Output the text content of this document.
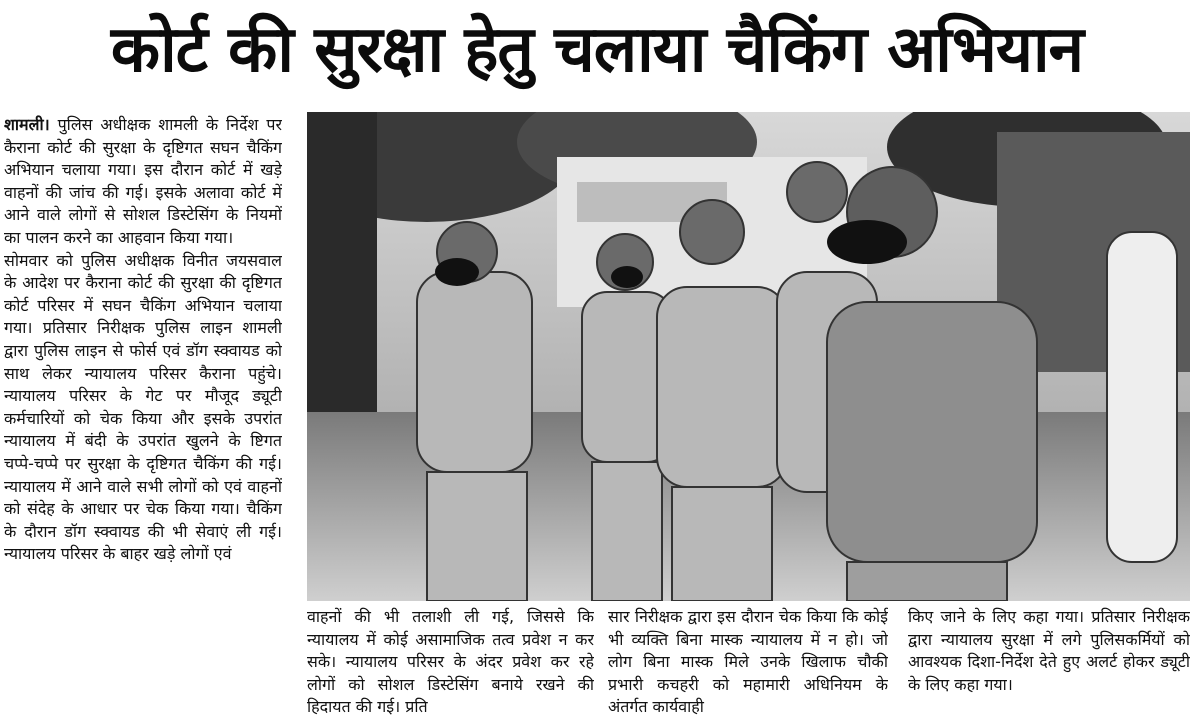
कोर्ट की सुरक्षा हेतु चलाया चैकिंग अभियान

शामली। पुलिस अधीक्षक शामली के निर्देश पर कैराना कोर्ट की सुरक्षा के दृष्टिगत सघन चैकिंग अभियान चलाया गया। इस दौरान कोर्ट में खड़े वाहनों की जांच की गई। इसके अलावा कोर्ट में आने वाले लोगों से सोशल डिस्टेसिंग के नियमों का पालन करने का आहवान किया गया।

सोमवार को पुलिस अधीक्षक विनीत जयसवाल के आदेश पर कैराना कोर्ट की सुरक्षा की दृष्टिगत कोर्ट परिसर में सघन चैकिंग अभियान चलाया गया। प्रतिसार निरीक्षक पुलिस लाइन शामली द्वारा पुलिस लाइन से फोर्स एवं डॉग स्क्वायड को साथ लेकर न्यायालय परिसर कैराना पहुंचे। न्यायालय परिसर के गेट पर मौजूद ड्यूटी कर्मचारियों को चेक किया और इसके उपरांत न्यायालय में बंदी के उपरांत खुलने के ष्टिगत चप्पे-चप्पे पर सुरक्षा के दृष्टिगत चैकिंग की गई। न्यायालय में आने वाले सभी लोगों को एवं वाहनों को संदेह के आधार पर चेक किया गया। चैकिंग के दौरान डॉग स्क्वायड की भी सेवाएं ली गई। न्यायालय परिसर के बाहर खड़े लोगों एवं

वाहनों की भी तलाशी ली गई, जिससे कि न्यायालय में कोई असामाजिक तत्व प्रवेश न कर सके। न्यायालय परिसर के अंदर प्रवेश कर रहे लोगों को सोशल डिस्टेसिंग बनाये रखने की हिदायत की गई। प्रति

सार निरीक्षक द्वारा इस दौरान चेक किया कि कोई भी व्यक्ति बिना मास्क न्यायालय में न हो। जो लोग बिना मास्क मिले उनके खिलाफ चौकी प्रभारी कचहरी को महामारी अधिनियम के अंतर्गत कार्यवाही

किए जाने के लिए कहा गया। प्रतिसार निरीक्षक द्वारा न्यायालय सुरक्षा में लगे पुलिसकर्मियों को आवश्यक दिशा-निर्देश देते हुए अलर्ट होकर ड्यूटी के लिए कहा गया।
